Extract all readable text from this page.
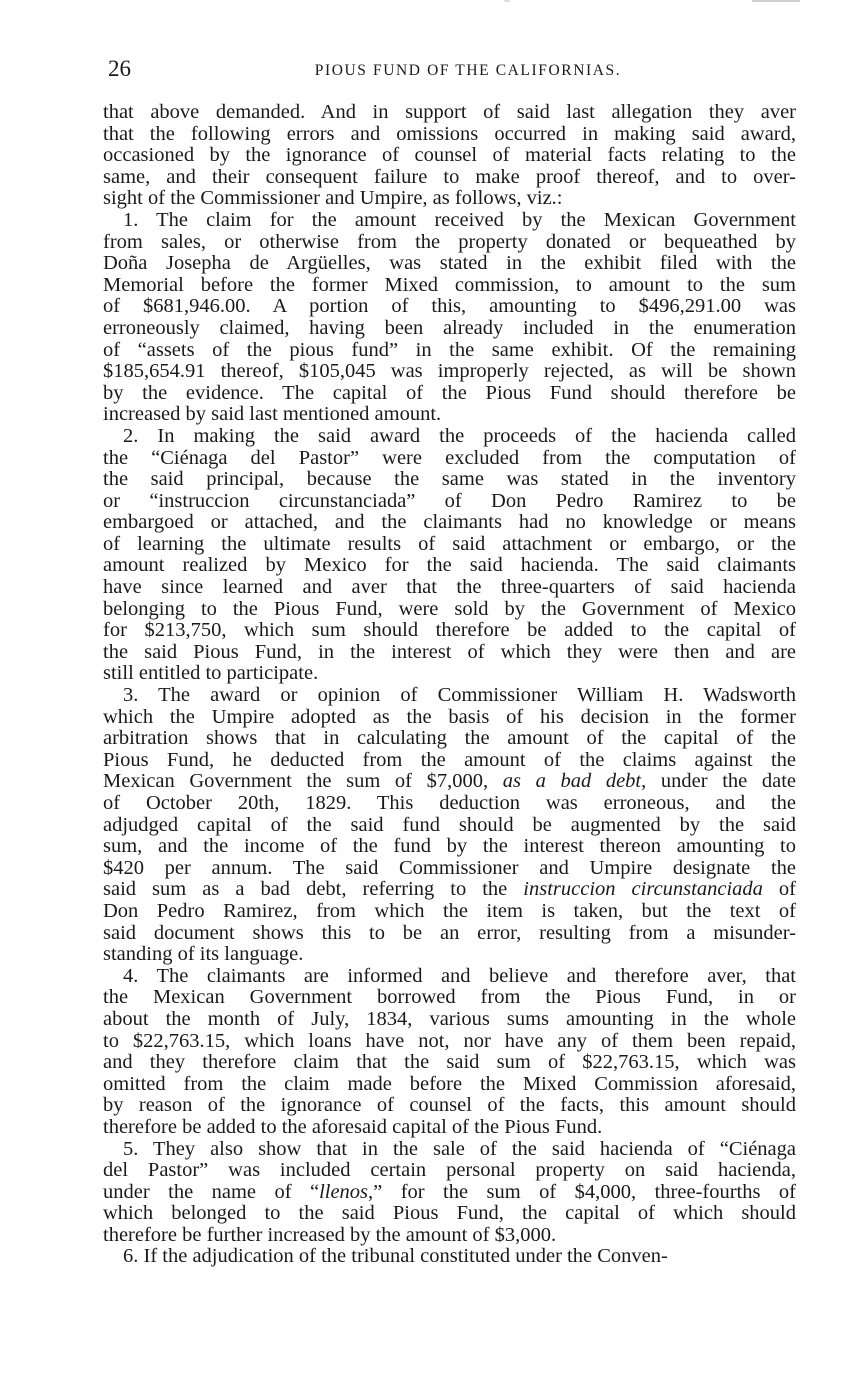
26	PIOUS FUND OF THE CALIFORNIAS.
that above demanded. And in support of said last allegation they aver
that the following errors and omissions occurred in making said award,
occasioned by the ignorance of counsel of material facts relating to the
same, and their consequent failure to make proof thereof, and to over-
sight of the Commissioner and Umpire, as follows, viz.:
1. The claim for the amount received by the Mexican Government
from sales, or otherwise from the property donated or bequeathed by
Doña Josepha de Argüelles, was stated in the exhibit filed with the
Memorial before the former Mixed commission, to amount to the sum
of $681,946.00. A portion of this, amounting to $496,291.00 was
erroneously claimed, having been already included in the enumeration
of “assets of the pious fund” in the same exhibit. Of the remaining
$185,654.91 thereof, $105,045 was improperly rejected, as will be shown
by the evidence. The capital of the Pious Fund should therefore be
increased by said last mentioned amount.
2. In making the said award the proceeds of the hacienda called
the “Ciénaga del Pastor” were excluded from the computation of
the said principal, because the same was stated in the inventory
or “instruccion circunstanciada” of Don Pedro Ramirez to be
embargoed or attached, and the claimants had no knowledge or means
of learning the ultimate results of said attachment or embargo, or the
amount realized by Mexico for the said hacienda. The said claimants
have since learned and aver that the three-quarters of said hacienda
belonging to the Pious Fund, were sold by the Government of Mexico
for $213,750, which sum should therefore be added to the capital of
the said Pious Fund, in the interest of which they were then and are
still entitled to participate.
3. The award or opinion of Commissioner William H. Wadsworth
which the Umpire adopted as the basis of his decision in the former
arbitration shows that in calculating the amount of the capital of the
Pious Fund, he deducted from the amount of the claims against the
Mexican Government the sum of $7,000, as a bad debt, under the date
of October 20th, 1829. This deduction was erroneous, and the
adjudged capital of the said fund should be augmented by the said
sum, and the income of the fund by the interest thereon amounting to
$420 per annum. The said Commissioner and Umpire designate the
said sum as a bad debt, referring to the instruccion circunstanciada of
Don Pedro Ramirez, from which the item is taken, but the text of
said document shows this to be an error, resulting from a misunder-
standing of its language.
4. The claimants are informed and believe and therefore aver, that
the Mexican Government borrowed from the Pious Fund, in or
about the month of July, 1834, various sums amounting in the whole
to $22,763.15, which loans have not, nor have any of them been repaid,
and they therefore claim that the said sum of $22,763.15, which was
omitted from the claim made before the Mixed Commission aforesaid,
by reason of the ignorance of counsel of the facts, this amount should
therefore be added to the aforesaid capital of the Pious Fund.
5. They also show that in the sale of the said hacienda of “Ciénaga
del Pastor” was included certain personal property on said hacienda,
under the name of “llenos,” for the sum of $4,000, three-fourths of
which belonged to the said Pious Fund, the capital of which should
therefore be further increased by the amount of $3,000.
6. If the adjudication of the tribunal constituted under the Conven-
